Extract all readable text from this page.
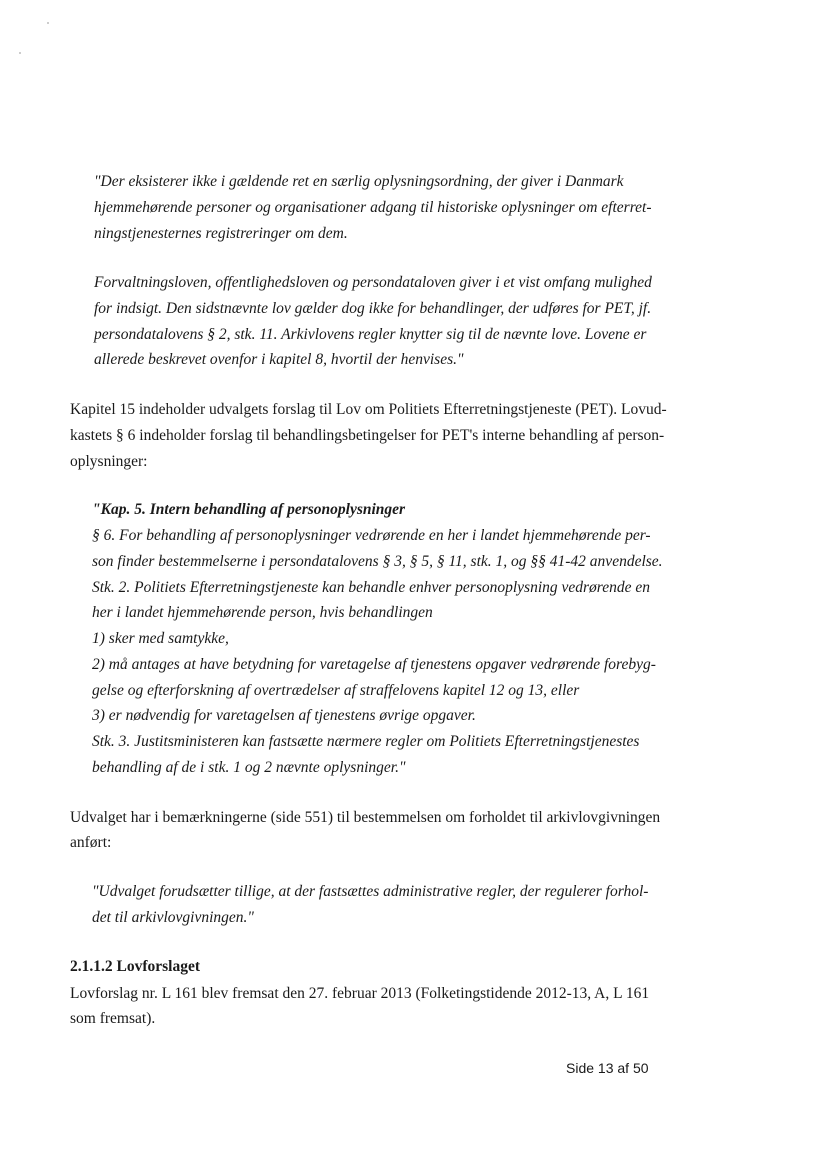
"Der eksisterer ikke i gældende ret en særlig oplysningsordning, der giver i Danmark
hjemmehørende personer og organisationer adgang til historiske oplysninger om efterret-
ningstjenesternes registreringer om dem.
Forvaltningsloven, offentlighedsloven og persondataloven giver i et vist omfang mulighed
for indsigt. Den sidstnævnte lov gælder dog ikke for behandlinger, der udføres for PET, jf.
persondatalovens § 2, stk. 11. Arkivlovens regler knytter sig til de nævnte love. Lovene er
allerede beskrevet ovenfor i kapitel 8, hvortil der henvises."
Kapitel 15 indeholder udvalgets forslag til Lov om Politiets Efterretningstjeneste (PET). Lovud-
kastets § 6 indeholder forslag til behandlingsbetingelser for PET's interne behandling af person-
oplysninger:
"Kap. 5. Intern behandling af personoplysninger
§ 6. For behandling af personoplysninger vedrørende en her i landet hjemmehørende per-
son finder bestemmelserne i persondatalovens § 3, § 5, § 11, stk. 1, og §§ 41-42 anvendelse.
Stk. 2. Politiets Efterretningstjeneste kan behandle enhver personoplysning vedrørende en
her i landet hjemmehørende person, hvis behandlingen
1) sker med samtykke,
2) må antages at have betydning for varetagelse af tjenestens opgaver vedrørende forebyg-
gelse og efterforskning af overtrædelser af straffelovens kapitel 12 og 13, eller
3) er nødvendig for varetagelsen af tjenestens øvrige opgaver.
Stk. 3. Justitsministeren kan fastsætte nærmere regler om Politiets Efterretningstjenestes
behandling af de i stk. 1 og 2 nævnte oplysninger."
Udvalget har i bemærkningerne (side 551) til bestemmelsen om forholdet til arkivlovgivningen
anført:
"Udvalget forudsætter tillige, at der fastsættes administrative regler, der regulerer forhol-
det til arkivlovgivningen."
2.1.1.2 Lovforslaget
Lovforslag nr. L 161 blev fremsat den 27. februar 2013 (Folketingstidende 2012-13, A, L 161
som fremsat).
Side 13 af 50
